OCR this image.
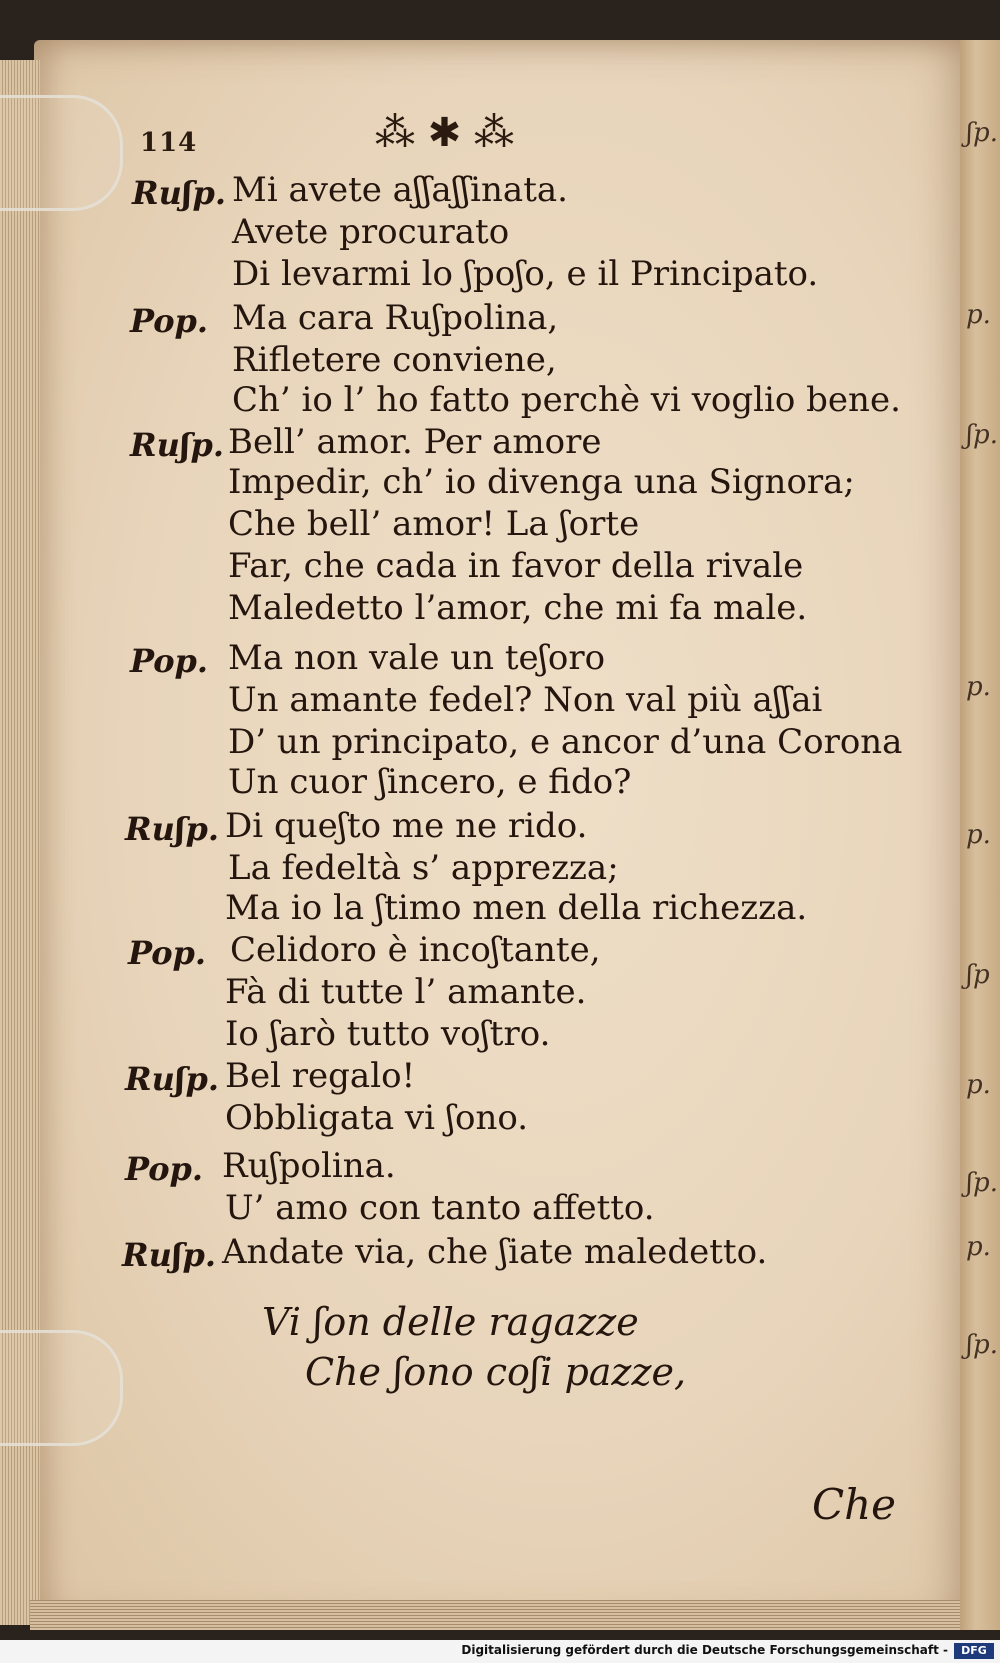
114	⁂ ✱ ⁂	ʃp.
p.
ʃp.
p.
p.
ʃp
p.
ʃp.
p.
ʃp.
Ruʃp. Mi avete aʃʃaʃʃinata.
Avete procurato
Di levarmi lo ʃpoʃo, e il Principato.
Pop. Ma cara Ruʃpolina,
Rifletere conviene,
Ch’ io l’ ho fatto perchè vi voglio bene.
Ruʃp. Bell’ amor. Per amore
Impedir, ch’ io divenga una Signora;
Che bell’ amor! La ʃorte
Far, che cada in favor della rivale
Maledetto l’amor, che mi fa male.
Pop. Ma non vale un teʃoro
Un amante fedel? Non val più aʃʃai
D’ un principato, e ancor d’una Corona
Un cuor ʃincero, e fido?
Ruʃp. Di queʃto me ne rido.
La fedeltà s’ apprezza;
Ma io la ʃtimo men della richezza.
Pop. Celidoro è incoʃtante,
Fà di tutte l’ amante.
Io ʃarò tutto voʃtro.
Ruʃp. Bel regalo!
Obbligata vi ʃono.
Pop. Ruʃpolina.
U’ amo con tanto affetto.
Ruʃp. Andate via, che ʃiate maledetto.
Vi ʃon delle ragazze
Che ʃono coʃi pazze,
Che
Digitalisierung gefördert durch die Deutsche Forschungsgemeinschaft -	DFG
